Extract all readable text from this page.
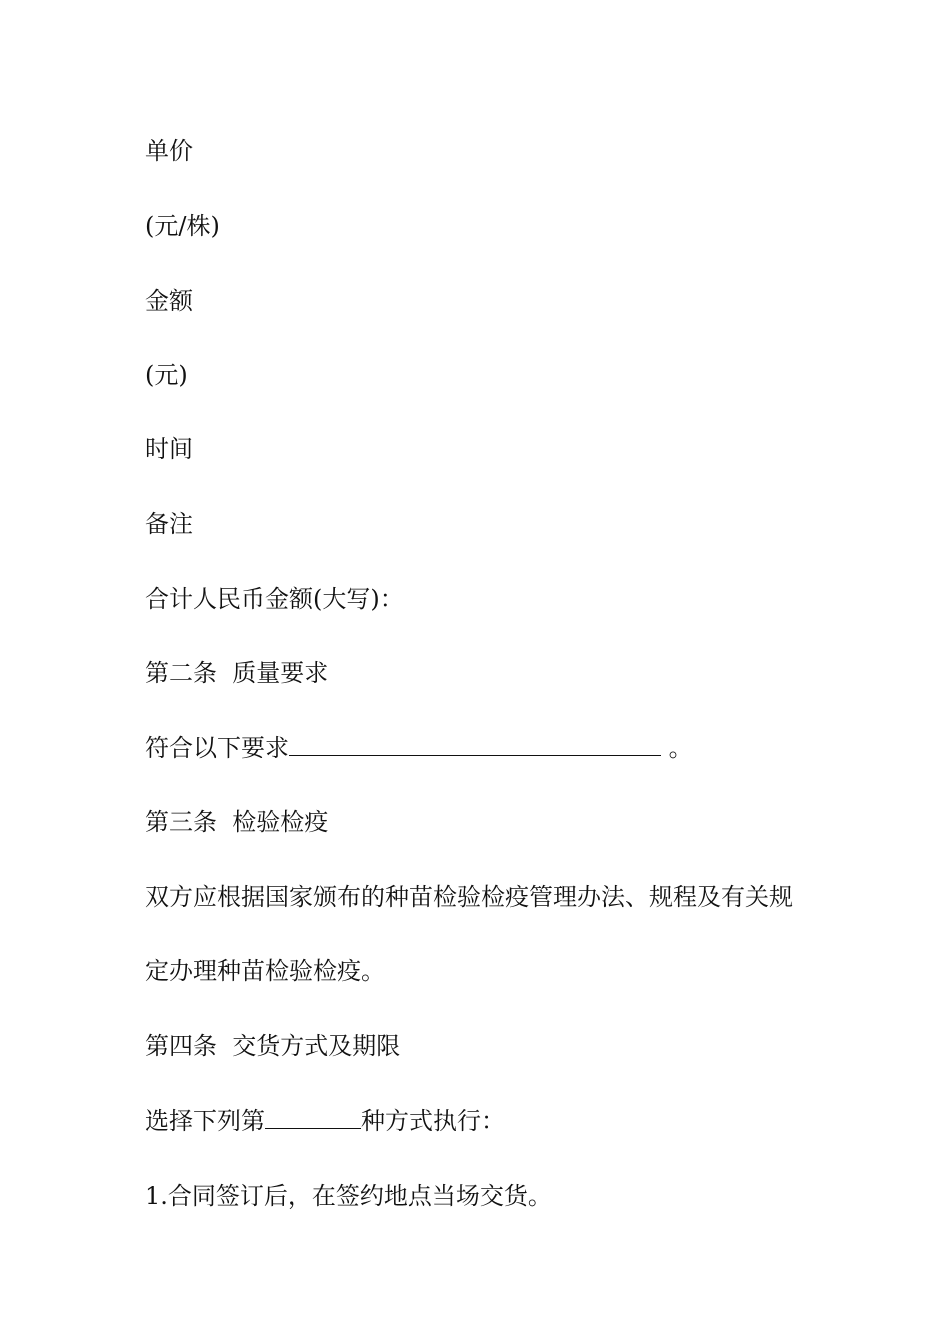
单价
(元/株)
金额
(元)
时间
备注
合计人民币金额(大写)：
第二条  质量要求
符合以下要求	。
第三条  检验检疫
双方应根据国家颁布的种苗检验检疫管理办法、规程及有关规
定办理种苗检验检疫。
第四条  交货方式及期限
选择下列第	种方式执行：
1.合同签订后，在签约地点当场交货。
